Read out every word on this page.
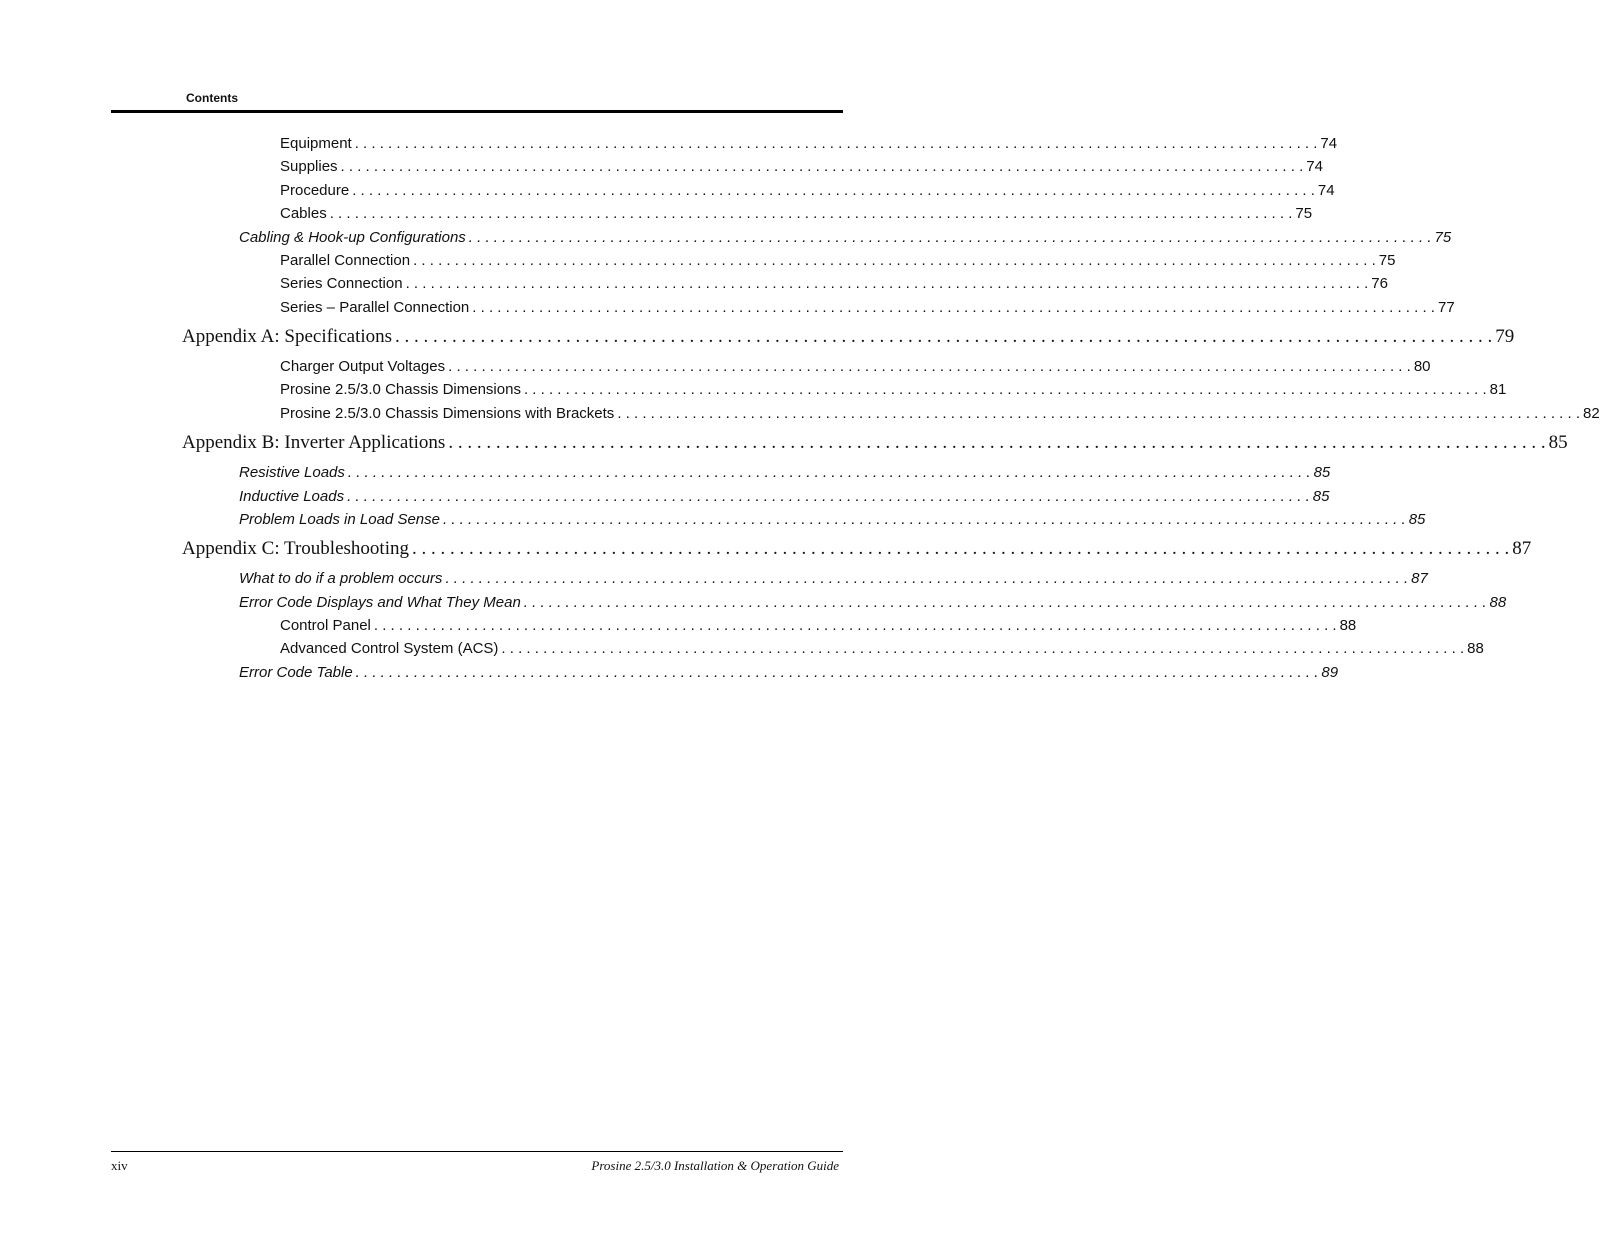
Contents
Equipment . . . . . . . . . . . . . . . . . . . . . . . . . . . . . . . . . . . . . . . . . . . . . . . . . . . . . . . . . . . . . . . . . . . . . . . . . . . . . . . . . . . . . . . . . . . . . . . . . . . . . . . . . . . . . . . . . . . . 74
Supplies . . . . . . . . . . . . . . . . . . . . . . . . . . . . . . . . . . . . . . . . . . . . . . . . . . . . . . . . . . . . . . . . . . . . . . . . . . . . . . . . . . . . . . . . . . . . . . . . . . . . . . . . . . . . . . . . . . . . 74
Procedure . . . . . . . . . . . . . . . . . . . . . . . . . . . . . . . . . . . . . . . . . . . . . . . . . . . . . . . . . . . . . . . . . . . . . . . . . . . . . . . . . . . . . . . . . . . . . . . . . . . . . . . . . . . . . . . . . . . . 74
Cables . . . . . . . . . . . . . . . . . . . . . . . . . . . . . . . . . . . . . . . . . . . . . . . . . . . . . . . . . . . . . . . . . . . . . . . . . . . . . . . . . . . . . . . . . . . . . . . . . . . . . . . . . . . . . . . . . . . . 75
Cabling & Hook-up Configurations . . . . . . . . . . . . . . . . . . . . . . . . . . . . . . . . . . . . . . . . . . . . . . . . . . . . . . . . . . . . . . . . . . . . . . . . . . . . . . . . . . . . . . . . . . . . . . . . . . . . . . . . . . . . . . . . . . . . 75
Parallel Connection . . . . . . . . . . . . . . . . . . . . . . . . . . . . . . . . . . . . . . . . . . . . . . . . . . . . . . . . . . . . . . . . . . . . . . . . . . . . . . . . . . . . . . . . . . . . . . . . . . . . . . . . . . . . . . . . . . . . 75
Series Connection . . . . . . . . . . . . . . . . . . . . . . . . . . . . . . . . . . . . . . . . . . . . . . . . . . . . . . . . . . . . . . . . . . . . . . . . . . . . . . . . . . . . . . . . . . . . . . . . . . . . . . . . . . . . . . . . . . . . 76
Series – Parallel Connection . . . . . . . . . . . . . . . . . . . . . . . . . . . . . . . . . . . . . . . . . . . . . . . . . . . . . . . . . . . . . . . . . . . . . . . . . . . . . . . . . . . . . . . . . . . . . . . . . . . . . . . . . . . . . . . . . . . . 77
Appendix A: Specifications . . . . . . . . . . . . . . . . . . . . . . . . . . . . . . . . . . . . . . . . . . . . . . . . . . . . . . . . . . . . . . . . . . . . . . . . . . . . . . . . . . . . . . . . . . . . . . . . . . . . . . . . . . . . . . . . . . . . 79
Charger Output Voltages . . . . . . . . . . . . . . . . . . . . . . . . . . . . . . . . . . . . . . . . . . . . . . . . . . . . . . . . . . . . . . . . . . . . . . . . . . . . . . . . . . . . . . . . . . . . . . . . . . . . . . . . . . . . . . . . . . . . 80
Prosine 2.5/3.0 Chassis Dimensions . . . . . . . . . . . . . . . . . . . . . . . . . . . . . . . . . . . . . . . . . . . . . . . . . . . . . . . . . . . . . . . . . . . . . . . . . . . . . . . . . . . . . . . . . . . . . . . . . . . . . . . . . . . . . . . . . . . . 81
Prosine 2.5/3.0 Chassis Dimensions with Brackets . . . . . . . . . . . . . . . . . . . . . . . . . . . . . . . . . . . . . . . . . . . . . . . . . . . . . . . . . . . . . . . . . . . . . . . . . . . . . . . . . . . . . . . . . . . . . . . . . . . . . . . . . . . . . . . . . . . . 82
Appendix B: Inverter Applications . . . . . . . . . . . . . . . . . . . . . . . . . . . . . . . . . . . . . . . . . . . . . . . . . . . . . . . . . . . . . . . . . . . . . . . . . . . . . . . . . . . . . . . . . . . . . . . . . . . . . . . . . . . . . . . . . . . . 85
Resistive Loads . . . . . . . . . . . . . . . . . . . . . . . . . . . . . . . . . . . . . . . . . . . . . . . . . . . . . . . . . . . . . . . . . . . . . . . . . . . . . . . . . . . . . . . . . . . . . . . . . . . . . . . . . . . . . . . . . . . . 85
Inductive Loads . . . . . . . . . . . . . . . . . . . . . . . . . . . . . . . . . . . . . . . . . . . . . . . . . . . . . . . . . . . . . . . . . . . . . . . . . . . . . . . . . . . . . . . . . . . . . . . . . . . . . . . . . . . . . . . . . . . . 85
Problem Loads in Load Sense . . . . . . . . . . . . . . . . . . . . . . . . . . . . . . . . . . . . . . . . . . . . . . . . . . . . . . . . . . . . . . . . . . . . . . . . . . . . . . . . . . . . . . . . . . . . . . . . . . . . . . . . . . . . . . . . . . . . 85
Appendix C: Troubleshooting . . . . . . . . . . . . . . . . . . . . . . . . . . . . . . . . . . . . . . . . . . . . . . . . . . . . . . . . . . . . . . . . . . . . . . . . . . . . . . . . . . . . . . . . . . . . . . . . . . . . . . . . . . . . . . . . . . . . 87
What to do if a problem occurs . . . . . . . . . . . . . . . . . . . . . . . . . . . . . . . . . . . . . . . . . . . . . . . . . . . . . . . . . . . . . . . . . . . . . . . . . . . . . . . . . . . . . . . . . . . . . . . . . . . . . . . . . . . . . . . . . . . . 87
Error Code Displays and What They Mean . . . . . . . . . . . . . . . . . . . . . . . . . . . . . . . . . . . . . . . . . . . . . . . . . . . . . . . . . . . . . . . . . . . . . . . . . . . . . . . . . . . . . . . . . . . . . . . . . . . . . . . . . . . . . . . . . . . . 88
Control Panel . . . . . . . . . . . . . . . . . . . . . . . . . . . . . . . . . . . . . . . . . . . . . . . . . . . . . . . . . . . . . . . . . . . . . . . . . . . . . . . . . . . . . . . . . . . . . . . . . . . . . . . . . . . . . . . . . . . . 88
Advanced Control System (ACS) . . . . . . . . . . . . . . . . . . . . . . . . . . . . . . . . . . . . . . . . . . . . . . . . . . . . . . . . . . . . . . . . . . . . . . . . . . . . . . . . . . . . . . . . . . . . . . . . . . . . . . . . . . . . . . . . . . . . 88
Error Code Table . . . . . . . . . . . . . . . . . . . . . . . . . . . . . . . . . . . . . . . . . . . . . . . . . . . . . . . . . . . . . . . . . . . . . . . . . . . . . . . . . . . . . . . . . . . . . . . . . . . . . . . . . . . . . . . . . . . . 89
xiv	Prosine 2.5/3.0 Installation & Operation Guide
